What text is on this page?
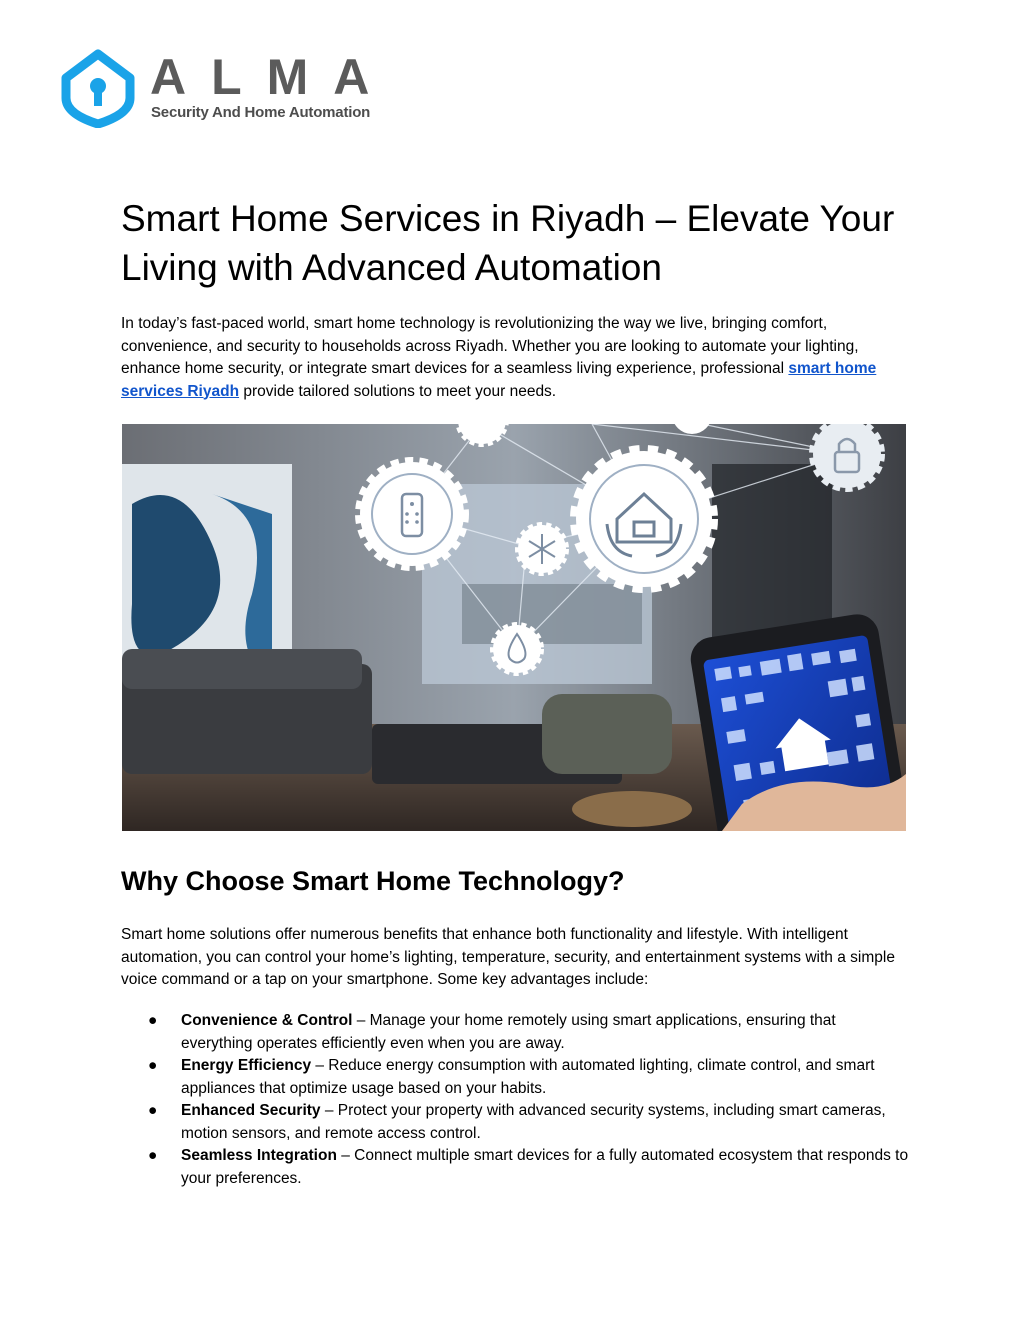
ALMA
Security And Home Automation
Smart Home Services in Riyadh – Elevate Your Living with Advanced Automation

In today’s fast-paced world, smart home technology is revolutionizing the way we live, bringing comfort, convenience, and security to households across Riyadh. Whether you are looking to automate your lighting, enhance home security, or integrate smart devices for a seamless living experience, professional smart home services Riyadh provide tailored solutions to meet your needs.

Why Choose Smart Home Technology?

Smart home solutions offer numerous benefits that enhance both functionality and lifestyle. With intelligent automation, you can control your home’s lighting, temperature, security, and entertainment systems with a simple voice command or a tap on your smartphone. Some key advantages include:

● Convenience & Control – Manage your home remotely using smart applications, ensuring that everything operates efficiently even when you are away.
● Energy Efficiency – Reduce energy consumption with automated lighting, climate control, and smart appliances that optimize usage based on your habits.
● Enhanced Security – Protect your property with advanced security systems, including smart cameras, motion sensors, and remote access control.
● Seamless Integration – Connect multiple smart devices for a fully automated ecosystem that responds to your preferences.
